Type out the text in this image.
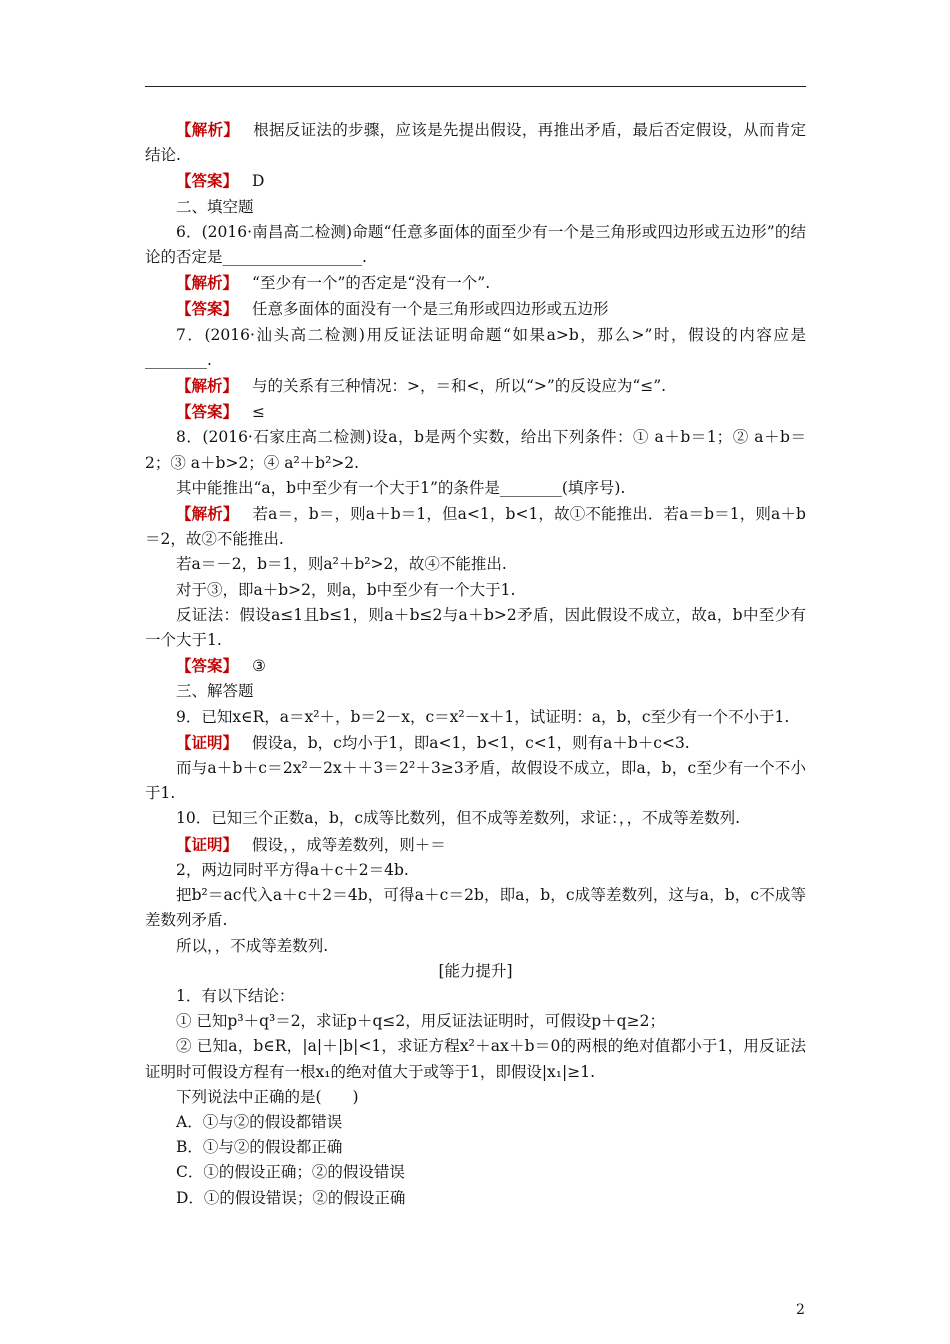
【解析】 根据反证法的步骤，应该是先提出假设，再推出矛盾，最后否定假设，从而肯定结论.

【答案】 D

二、填空题

6．(2016·南昌高二检测)命题“任意多面体的面至少有一个是三角形或四边形或五边形”的结论的否定是__________________.

【解析】 “至少有一个”的否定是“没有一个”.

【答案】 任意多面体的面没有一个是三角形或四边形或五边形

7．(2016·汕头高二检测)用反证法证明命题“如果a>b，那么>”时，假设的内容应是________.

【解析】 与的关系有三种情况：>，＝和<，所以“>”的反设应为“≤”.

【答案】 ≤

8．(2016·石家庄高二检测)设a，b是两个实数，给出下列条件：① a＋b＝1；② a＋b＝2；③ a＋b>2；④ a²＋b²>2.

其中能推出“a，b中至少有一个大于1”的条件是________(填序号).

【解析】 若a＝，b＝，则a＋b＝1，但a<1，b<1，故①不能推出．若a＝b＝1，则a＋b＝2，故②不能推出.

若a＝－2，b＝1，则a²＋b²>2，故④不能推出.

对于③，即a＋b>2，则a，b中至少有一个大于1.

反证法：假设a≤1且b≤1，则a＋b≤2与a＋b>2矛盾，因此假设不成立，故a，b中至少有一个大于1.

【答案】 ③

三、解答题

9．已知x∈R，a＝x²＋，b＝2－x，c＝x²－x＋1，试证明：a，b，c至少有一个不小于1.

【证明】 假设a，b，c均小于1，即a<1，b<1，c<1，则有a＋b＋c<3.

而与a＋b＋c＝2x²－2x＋＋3＝2²＋3≥3矛盾，故假设不成立，即a，b，c至少有一个不小于1.

10．已知三个正数a，b，c成等比数列，但不成等差数列，求证：，，不成等差数列.

【证明】 假设，，成等差数列，则＋＝

2，两边同时平方得a＋c＋2＝4b.

把b²＝ac代入a＋c＋2＝4b，可得a＋c＝2b，即a，b，c成等差数列，这与a，b，c不成等差数列矛盾.

所以，，不成等差数列.

[能力提升]

1．有以下结论：

① 已知p³＋q³＝2，求证p＋q≤2，用反证法证明时，可假设p＋q≥2；

② 已知a，b∈R，|a|＋|b|<1，求证方程x²＋ax＋b＝0的两根的绝对值都小于1，用反证法证明时可假设方程有一根x₁的绝对值大于或等于1，即假设|x₁|≥1.

下列说法中正确的是(　　)

A．①与②的假设都错误

B．①与②的假设都正确

C．①的假设正确；②的假设错误

D．①的假设错误；②的假设正确

2
